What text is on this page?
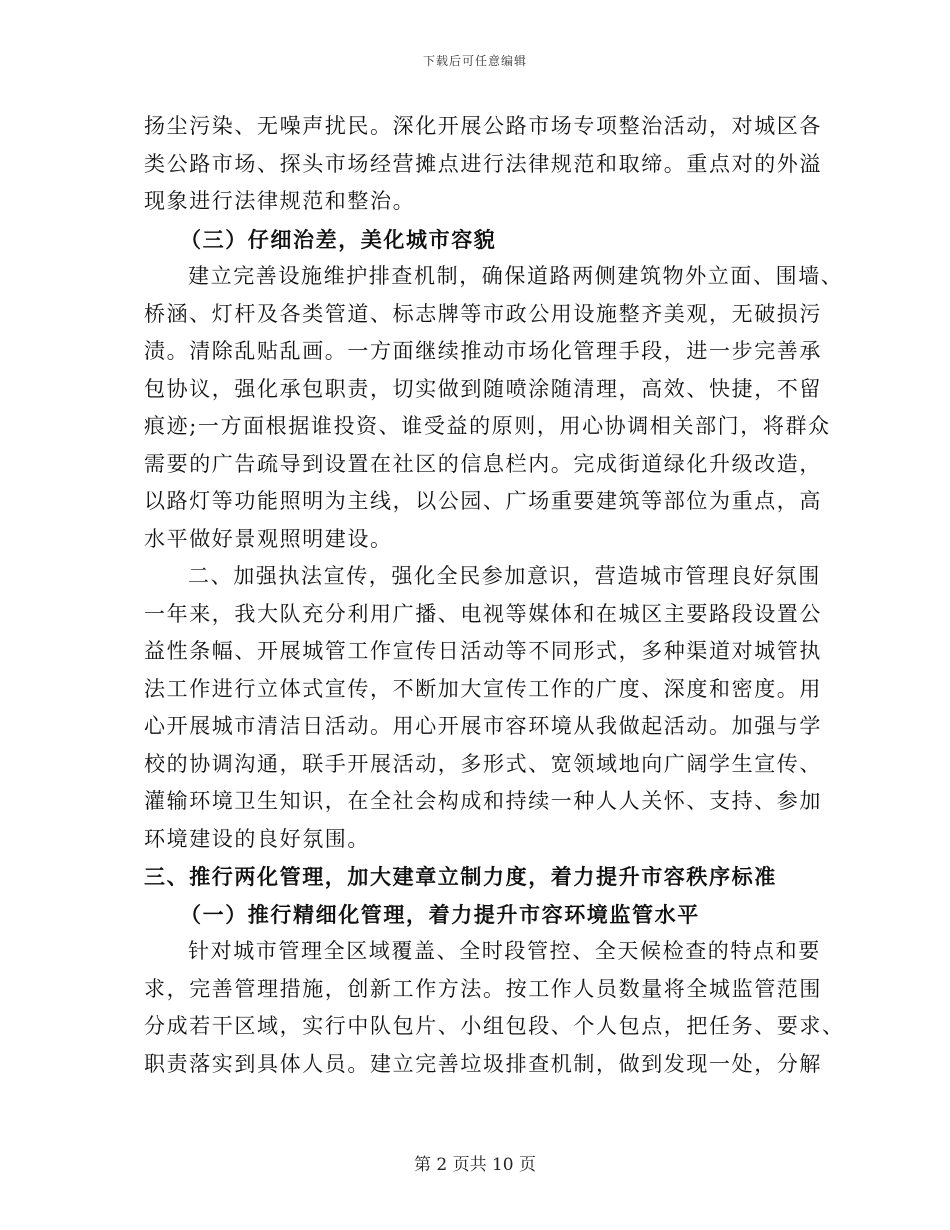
下载后可任意编辑
扬尘污染、无噪声扰民。深化开展公路市场专项整治活动，对城区各
类公路市场、探头市场经营摊点进行法律规范和取缔。重点对的外溢
现象进行法律规范和整治。
（三）仔细治差，美化城市容貌
建立完善设施维护排查机制，确保道路两侧建筑物外立面、围墙、
桥涵、灯杆及各类管道、标志牌等市政公用设施整齐美观，无破损污
渍。清除乱贴乱画。一方面继续推动市场化管理手段，进一步完善承
包协议，强化承包职责，切实做到随喷涂随清理，高效、快捷，不留
痕迹;一方面根据谁投资、谁受益的原则，用心协调相关部门，将群众
需要的广告疏导到设置在社区的信息栏内。完成街道绿化升级改造，
以路灯等功能照明为主线，以公园、广场重要建筑等部位为重点，高
水平做好景观照明建设。
二、加强执法宣传，强化全民参加意识，营造城市管理良好氛围
一年来，我大队充分利用广播、电视等媒体和在城区主要路段设置公
益性条幅、开展城管工作宣传日活动等不同形式，多种渠道对城管执
法工作进行立体式宣传，不断加大宣传工作的广度、深度和密度。用
心开展城市清洁日活动。用心开展市容环境从我做起活动。加强与学
校的协调沟通，联手开展活动，多形式、宽领域地向广阔学生宣传、
灌输环境卫生知识，在全社会构成和持续一种人人关怀、支持、参加
环境建设的良好氛围。
三、推行两化管理，加大建章立制力度，着力提升市容秩序标准
（一）推行精细化管理，着力提升市容环境监管水平
针对城市管理全区域覆盖、全时段管控、全天候检查的特点和要
求，完善管理措施，创新工作方法。按工作人员数量将全城监管范围
分成若干区域，实行中队包片、小组包段、个人包点，把任务、要求、
职责落实到具体人员。建立完善垃圾排查机制，做到发现一处，分解
第 2 页共 10 页
